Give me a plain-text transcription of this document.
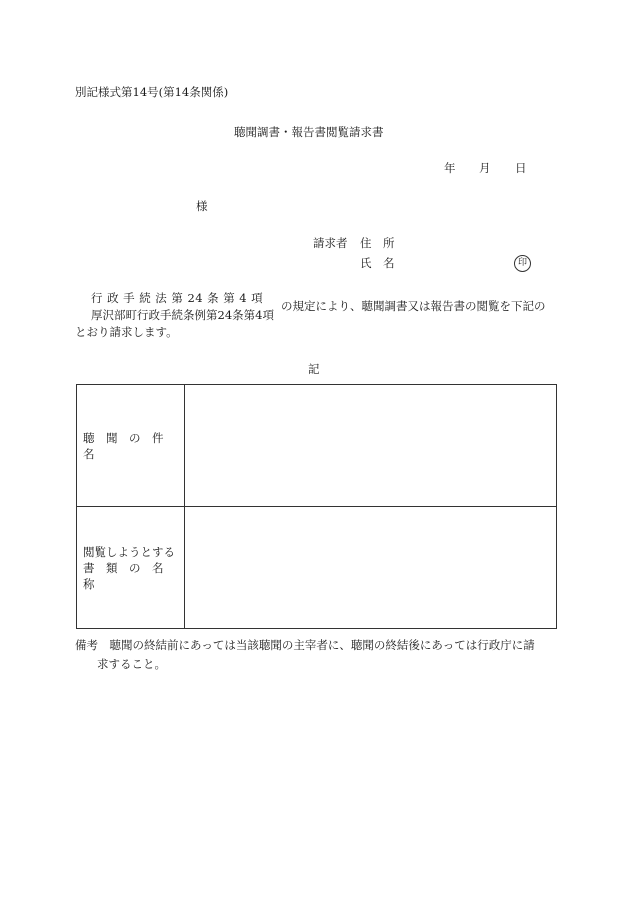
別記様式第14号(第14条関係)
聴聞調書・報告書閲覧請求書
年 月 日
様
請求者 住　所
氏　名	印
行 政 手 続 法 第 24 条 第 4 項
厚沢部町行政手続条例第24条第4項
の規定により、聴聞調書又は報告書の閲覧を下記の
とおり請求します。
記
聴　聞　の　件　名	

閲覧しようとする
書　類　の　名　称	

備考　聴聞の終結前にあっては当該聴聞の主宰者に、聴聞の終結後にあっては行政庁に請
求すること。
